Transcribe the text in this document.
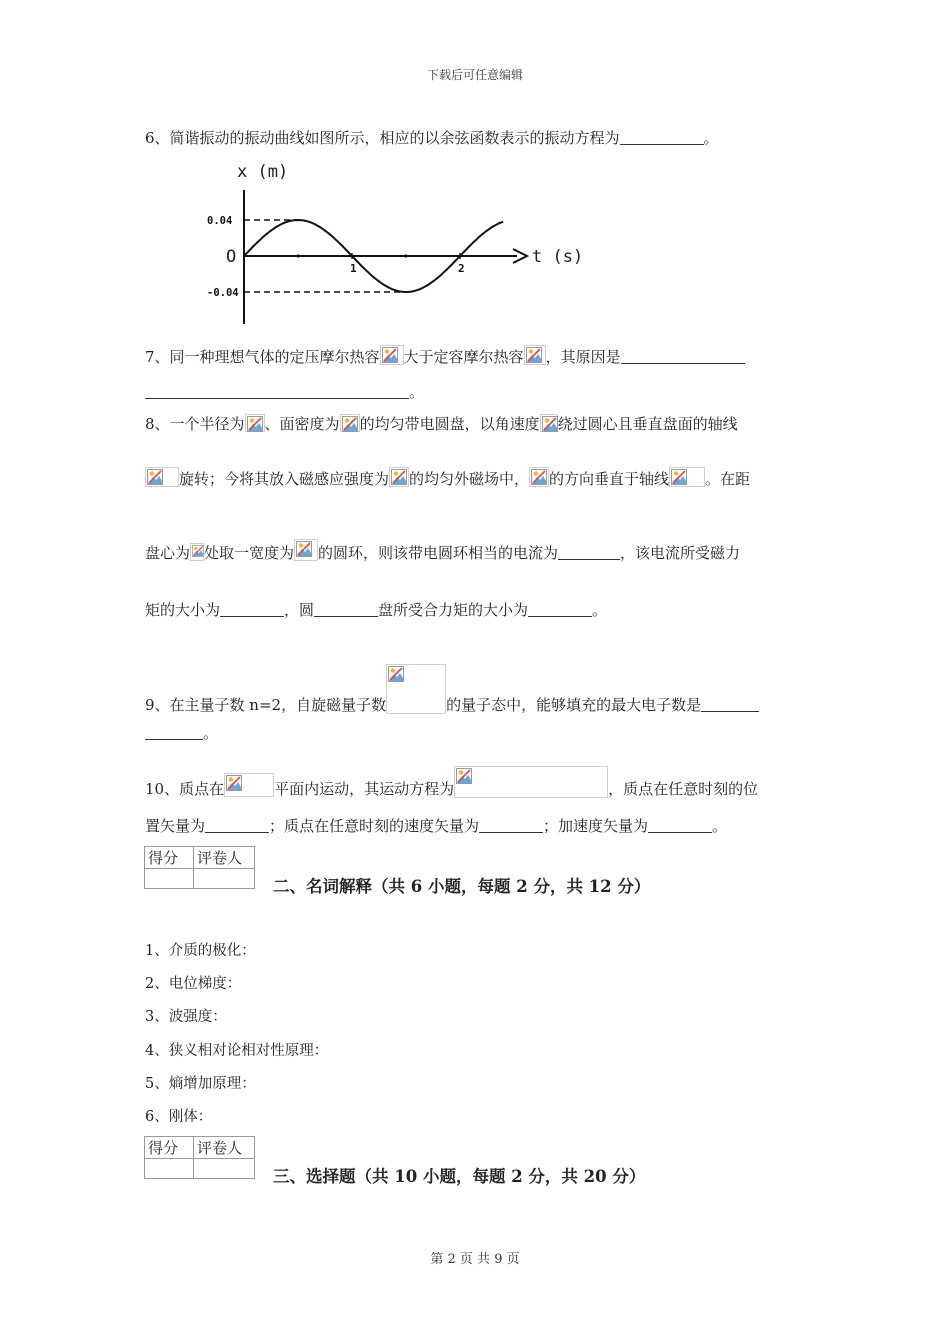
下载后可任意编辑
6、简谐振动的振动曲线如图所示，相应的以余弦函数表示的振动方程为	。
x (m)
t (s)
O
0.04
-0.04
1	2
7、同一种理想气体的定压摩尔热容 大于定容摩尔热容 ，其原因是
。
8、一个半径为 、面密度为 的均匀带电圆盘，以角速度 绕过圆心且垂直盘面的轴线
旋转；今将其放入磁感应强度为 的均匀外磁场中， 的方向垂直于轴线 。在距
盘心为 处取一宽度为 的圆环，则该带电圆环相当的电流为	，该电流所受磁力
矩的大小为	，圆	盘所受合力矩的大小为	。
9、在主量子数 n=2，自旋磁量子数	的量子态中，能够填充的最大电子数是
。
10、质点在	平面内运动，其运动方程为	，质点在任意时刻的位
置矢量为	；质点在任意时刻的速度矢量为	；加速度矢量为	。
得分	评卷人

二、名词解释（共 6 小题，每题 2 分，共 12 分）
1、介质的极化：
2、电位梯度：
3、波强度：
4、狭义相对论相对性原理：
5、熵增加原理：
6、刚体：
得分	评卷人

三、选择题（共 10 小题，每题 2 分，共 20 分）
第 2 页 共 9 页
